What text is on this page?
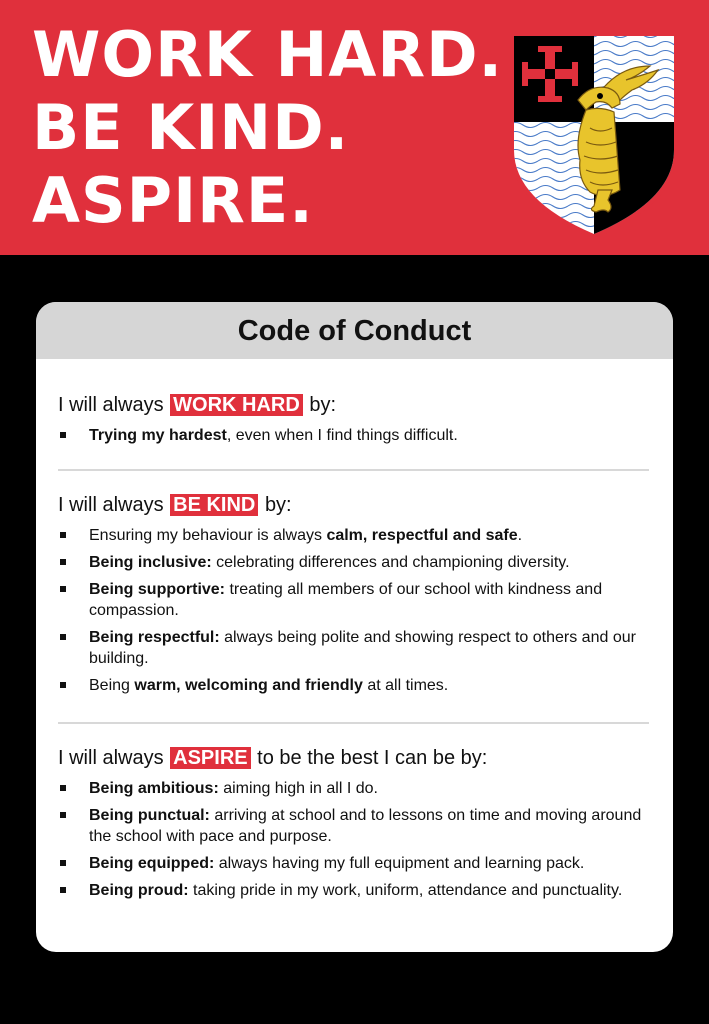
WORK HARD.
BE KIND.
ASPIRE.
Code of Conduct
I will always WORK HARD by:
Trying my hardest, even when I find things difficult.
I will always BE KIND by:
Ensuring my behaviour is always calm, respectful and safe.
Being inclusive: celebrating differences and championing diversity.
Being supportive: treating all members of our school with kindness and compassion.
Being respectful: always being polite and showing respect to others and our building.
Being warm, welcoming and friendly at all times.
I will always ASPIRE to be the best I can be by:
Being ambitious: aiming high in all I do.
Being punctual: arriving at school and to lessons on time and moving around the school with pace and purpose.
Being equipped: always having my full equipment and learning pack.
Being proud: taking pride in my work, uniform, attendance and punctuality.
